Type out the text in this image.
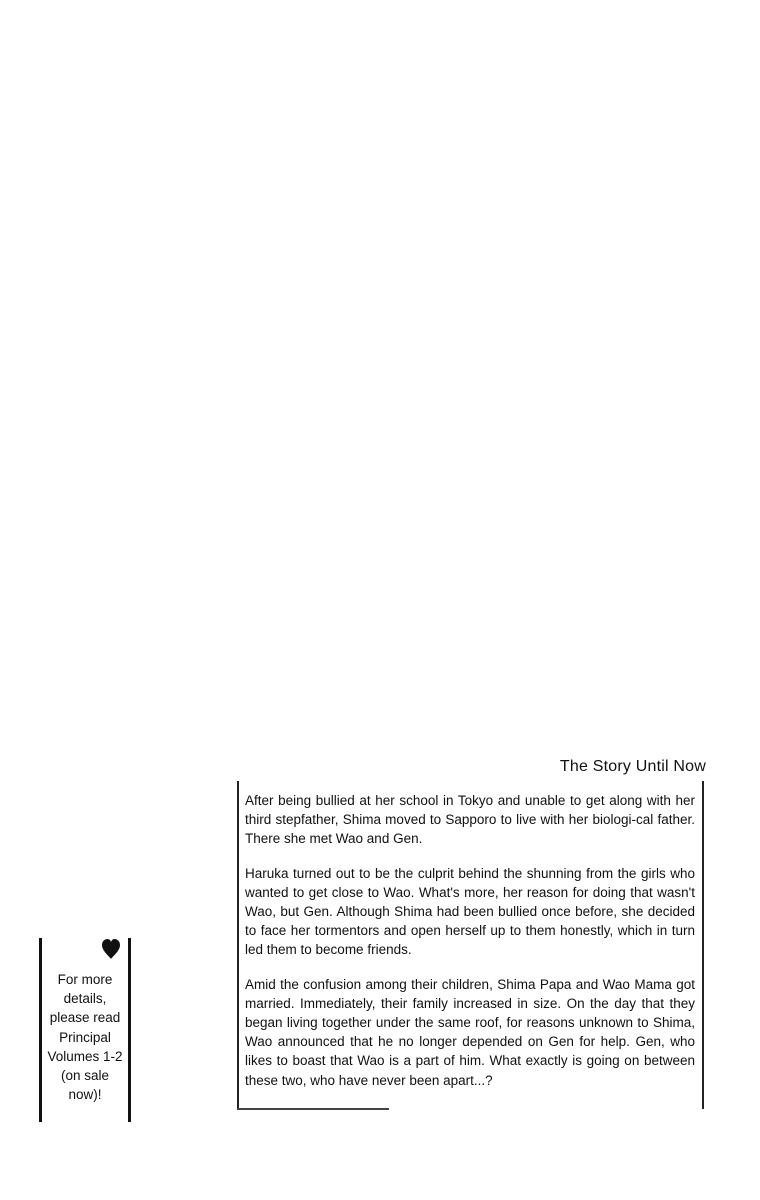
The Story Until Now

After being bullied at her school in Tokyo and unable to get along with her third stepfather, Shima moved to Sapporo to live with her biologi-cal father. There she met Wao and Gen.

Haruka turned out to be the culprit behind the shunning from the girls who wanted to get close to Wao. What's more, her reason for doing that wasn't Wao, but Gen. Although Shima had been bullied once before, she decided to face her tormentors and open herself up to them honestly, which in turn led them to become friends.

Amid the confusion among their children, Shima Papa and Wao Mama got married. Immediately, their family increased in size. On the day that they began living together under the same roof, for reasons unknown to Shima, Wao announced that he no longer depended on Gen for help. Gen, who likes to boast that Wao is a part of him. What exactly is going on between these two, who have never been apart...?

For more
details,
please read
Principal
Volumes 1-2
(on sale
now)!
